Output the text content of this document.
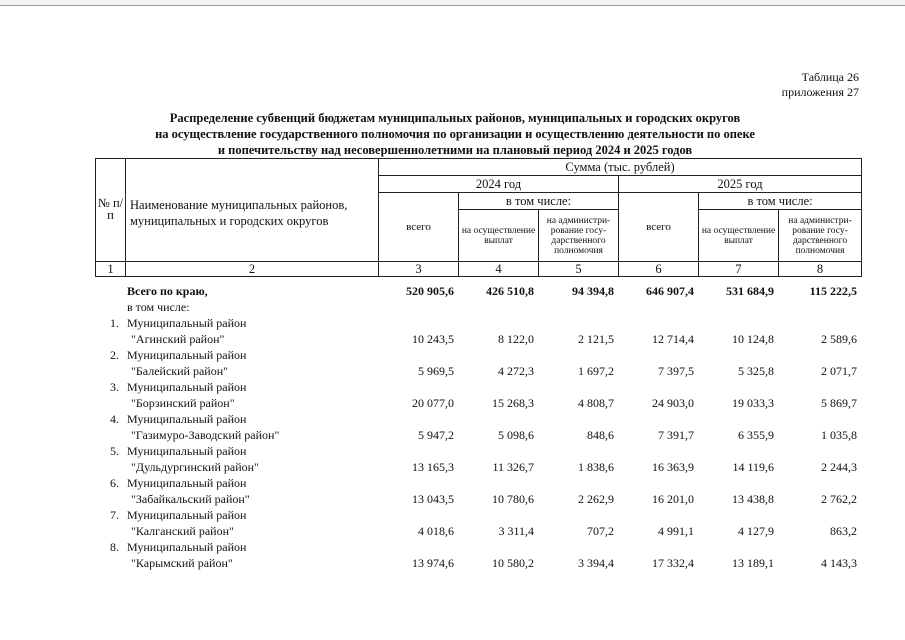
Таблица 26
приложения 27
Распределение субвенций бюджетам муниципальных районов, муниципальных и городских округов
на осуществление государственного полномочия по организации и осуществлению деятельности по опеке
и попечительству над несовершеннолетними на плановый период 2024 и 2025 годов
№ п/п	Наименование муниципальных районов, муниципальных и городских округов	Сумма (тыс. рублей)					
		2024 год			2025 год		
		всего	в том числе:		всего	в том числе:	
			на осуществление выплат	на администри-рование госу-дарственного полномочия		на осуществление выплат	на администри-рование госу-дарственного полномочия
1	2	3	4	5	6	7	8
	Всего по краю,	520 905,6	426 510,8	94 394,8	646 907,4	531 684,9	115 222,5
	в том числе:						
1.	Муниципальный район						
	"Агинский район"	10 243,5	8 122,0	2 121,5	12 714,4	10 124,8	2 589,6
2.	Муниципальный район						
	"Балейский район"	5 969,5	4 272,3	1 697,2	7 397,5	5 325,8	2 071,7
3.	Муниципальный район						
	"Борзинский район"	20 077,0	15 268,3	4 808,7	24 903,0	19 033,3	5 869,7
4.	Муниципальный район						
	"Газимуро-Заводский район"	5 947,2	5 098,6	848,6	7 391,7	6 355,9	1 035,8
5.	Муниципальный район						
	"Дульдургинский район"	13 165,3	11 326,7	1 838,6	16 363,9	14 119,6	2 244,3
6.	Муниципальный район						
	"Забайкальский район"	13 043,5	10 780,6	2 262,9	16 201,0	13 438,8	2 762,2
7.	Муниципальный район						
	"Калганский район"	4 018,6	3 311,4	707,2	4 991,1	4 127,9	863,2
8.	Муниципальный район						
	"Карымский район"	13 974,6	10 580,2	3 394,4	17 332,4	13 189,1	4 143,3
